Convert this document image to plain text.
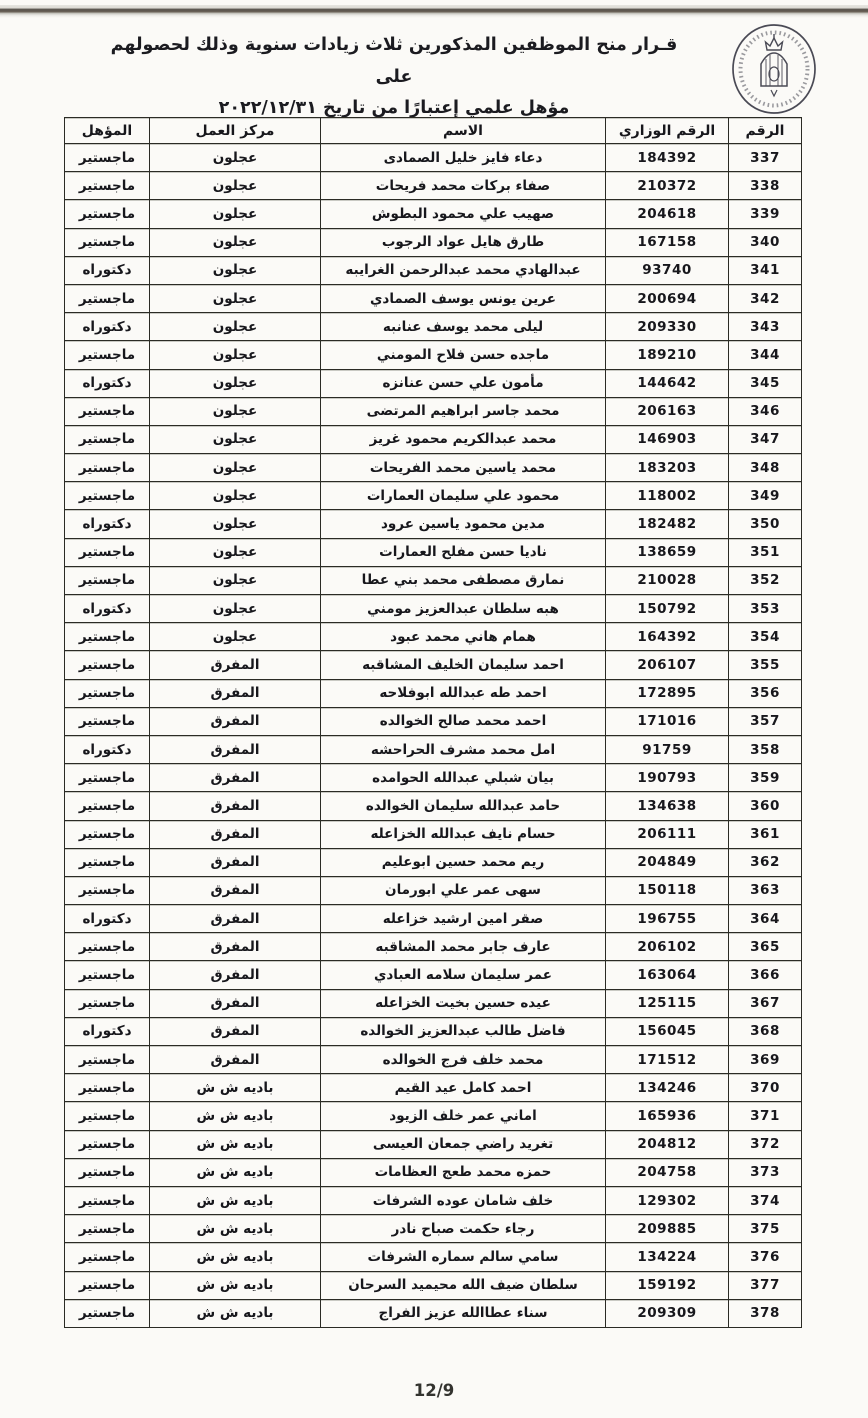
قـرار منح الموظفين المذكورين ثلاث زيادات سنوية وذلك لحصولهم على
مؤهل علمي إعتبارًا من تاريخ ٢٠٢٢/١٢/٣١
الرقم	الرقم الوزاري	الاسم	مركز العمل	المؤهل
337	184392	دعاء فايز خليل الصمادى	عجلون	ماجستير
338	210372	صفاء بركات محمد فريحات	عجلون	ماجستير
339	204618	صهيب علي محمود البطوش	عجلون	ماجستير
340	167158	طارق هايل عواد الرجوب	عجلون	ماجستير
341	93740	عبدالهادي محمد عبدالرحمن الغرايبه	عجلون	دكتوراه
342	200694	عرين يونس يوسف الصمادي	عجلون	ماجستير
343	209330	ليلى محمد يوسف عنانبه	عجلون	دكتوراه
344	189210	ماجده حسن فلاح المومني	عجلون	ماجستير
345	144642	مأمون علي حسن عنانزه	عجلون	دكتوراه
346	206163	محمد جاسر ابراهيم المرتضى	عجلون	ماجستير
347	146903	محمد عبدالكريم محمود غريز	عجلون	ماجستير
348	183203	محمد ياسين محمد الفريحات	عجلون	ماجستير
349	118002	محمود علي سليمان العمارات	عجلون	ماجستير
350	182482	مدين محمود ياسين عرود	عجلون	دكتوراه
351	138659	ناديا حسن مفلح العمارات	عجلون	ماجستير
352	210028	نمارق مصطفى محمد بني عطا	عجلون	ماجستير
353	150792	هبه سلطان عبدالعزيز مومني	عجلون	دكتوراه
354	164392	همام هاني محمد عبود	عجلون	ماجستير
355	206107	احمد سليمان الخليف المشاقبه	المفرق	ماجستير
356	172895	احمد طه عبدالله ابوفلاحه	المفرق	ماجستير
357	171016	احمد محمد صالح الخوالده	المفرق	ماجستير
358	91759	امل محمد مشرف الحراحشه	المفرق	دكتوراه
359	190793	بيان شبلي عبدالله الحوامده	المفرق	ماجستير
360	134638	حامد عبدالله سليمان الخوالده	المفرق	ماجستير
361	206111	حسام نايف عبدالله الخزاعله	المفرق	ماجستير
362	204849	ريم محمد حسين ابوعليم	المفرق	ماجستير
363	150118	سهى عمر علي ابورمان	المفرق	ماجستير
364	196755	صقر امين ارشيد خزاعله	المفرق	دكتوراه
365	206102	عارف جابر محمد المشاقبه	المفرق	ماجستير
366	163064	عمر سليمان سلامه العبادي	المفرق	ماجستير
367	125115	عيده حسين بخيت الخزاعله	المفرق	ماجستير
368	156045	فاضل طالب عبدالعزيز الخوالده	المفرق	دكتوراه
369	171512	محمد خلف فرج الخوالده	المفرق	ماجستير
370	134246	احمد كامل عيد القيم	باديه ش ش	ماجستير
371	165936	اماني عمر خلف الزيود	باديه ش ش	ماجستير
372	204812	تغريد راضي جمعان العيسى	باديه ش ش	ماجستير
373	204758	حمزه محمد طعج العظامات	باديه ش ش	ماجستير
374	129302	خلف شامان عوده الشرفات	باديه ش ش	ماجستير
375	209885	رجاء حكمت صباح نادر	باديه ش ش	ماجستير
376	134224	سامي سالم سماره الشرفات	باديه ش ش	ماجستير
377	159192	سلطان ضيف الله محيميد السرحان	باديه ش ش	ماجستير
378	209309	سناء عطاالله عزيز الفراج	باديه ش ش	ماجستير
12/9
